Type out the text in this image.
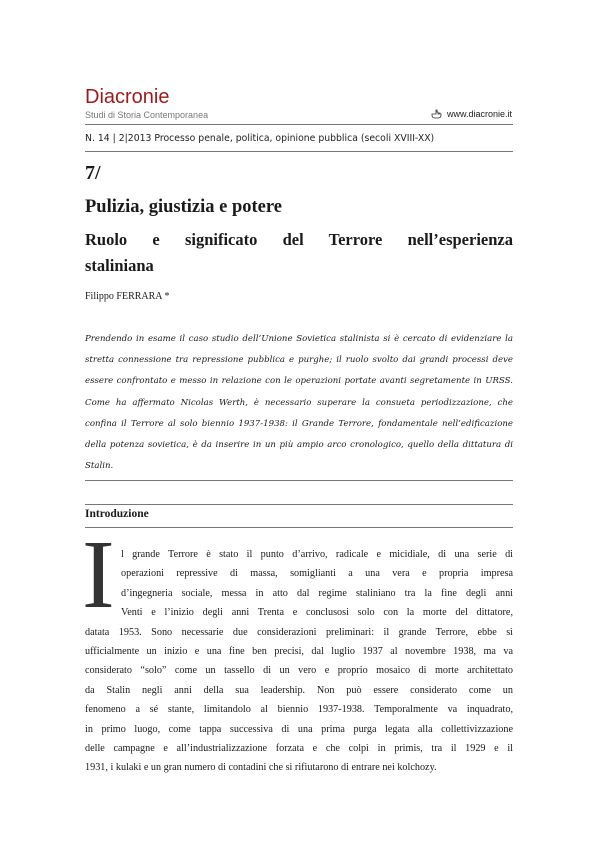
Diacronie
Studi di Storia Contemporanea	www.diacronie.it
N. 14 | 2|2013 Processo penale, politica, opinione pubblica (secoli XVIII-XX)
7/
Pulizia, giustizia e potere
Ruolo e significato del Terrore nell’esperienza
staliniana
Filippo FERRARA *
Prendendo in esame il caso studio dell’Unione Sovietica stalinista si è cercato di evidenziare la stretta connessione tra repressione pubblica e purghe; il ruolo svolto dai grandi processi deve essere confrontato e messo in relazione con le operazioni portate avanti segretamente in URSS. Come ha affermato Nicolas Werth, è necessario superare la consueta periodizzazione, che confina il Terrore al solo biennio 1937-1938: il Grande Terrore, fondamentale nell’edificazione della potenza sovietica, è da inserire in un più ampio arco cronologico, quello della dittatura di Stalin.
Introduzione
I l grande Terrore è stato il punto d’arrivo, radicale e micidiale, di una serie di
operazioni repressive di massa, somiglianti a una vera e propria impresa
d’ingegneria sociale, messa in atto dal regime staliniano tra la fine degli anni
Venti e l’inizio degli anni Trenta e conclusosi solo con la morte del dittatore,
datata 1953. Sono necessarie due considerazioni preliminari: il grande Terrore, ebbe sì
ufficialmente un inizio e una fine ben precisi, dal luglio 1937 al novembre 1938, ma va
considerato “solo” come un tassello di un vero e proprio mosaico di morte architettato
da Stalin negli anni della sua leadership. Non può essere considerato come un
fenomeno a sé stante, limitandolo al biennio 1937-1938. Temporalmente va inquadrato,
in primo luogo, come tappa successiva di una prima purga legata alla collettivizzazione
delle campagne e all’industrializzazione forzata e che colpì in primis, tra il 1929 e il
1931, i kulaki e un gran numero di contadini che si rifiutarono di entrare nei kolchozy.
